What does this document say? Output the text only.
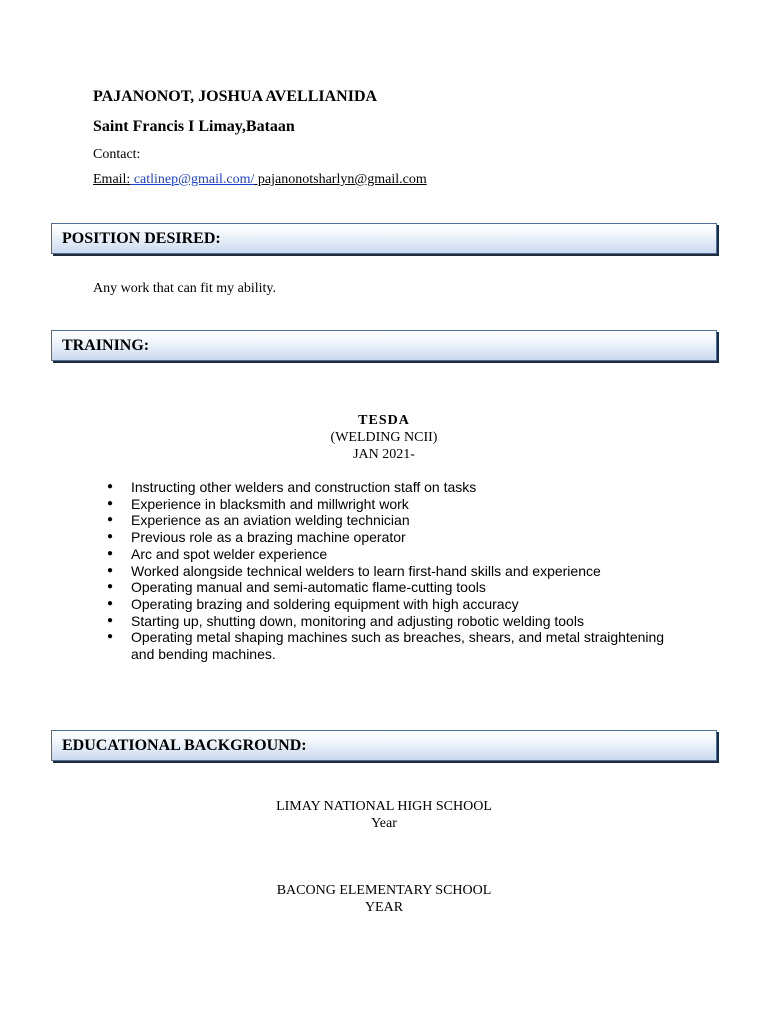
PAJANONOT, JOSHUA AVELLIANIDA
Saint Francis I Limay,Bataan
Contact:
Email: catlinep@gmail.com/ pajanonotsharlyn@gmail.com
POSITION DESIRED:
Any work that can fit my ability.
TRAINING:
TESDA
(WELDING NCII)
JAN 2021-
● Instructing other welders and construction staff on tasks
● Experience in blacksmith and millwright work
● Experience as an aviation welding technician
● Previous role as a brazing machine operator
● Arc and spot welder experience
● Worked alongside technical welders to learn first-hand skills and experience
● Operating manual and semi-automatic flame-cutting tools
● Operating brazing and soldering equipment with high accuracy
● Starting up, shutting down, monitoring and adjusting robotic welding tools
● Operating metal shaping machines such as breaches, shears, and metal straightening and bending machines.
EDUCATIONAL BACKGROUND:
LIMAY NATIONAL HIGH SCHOOL
Year
BACONG ELEMENTARY SCHOOL
YEAR
